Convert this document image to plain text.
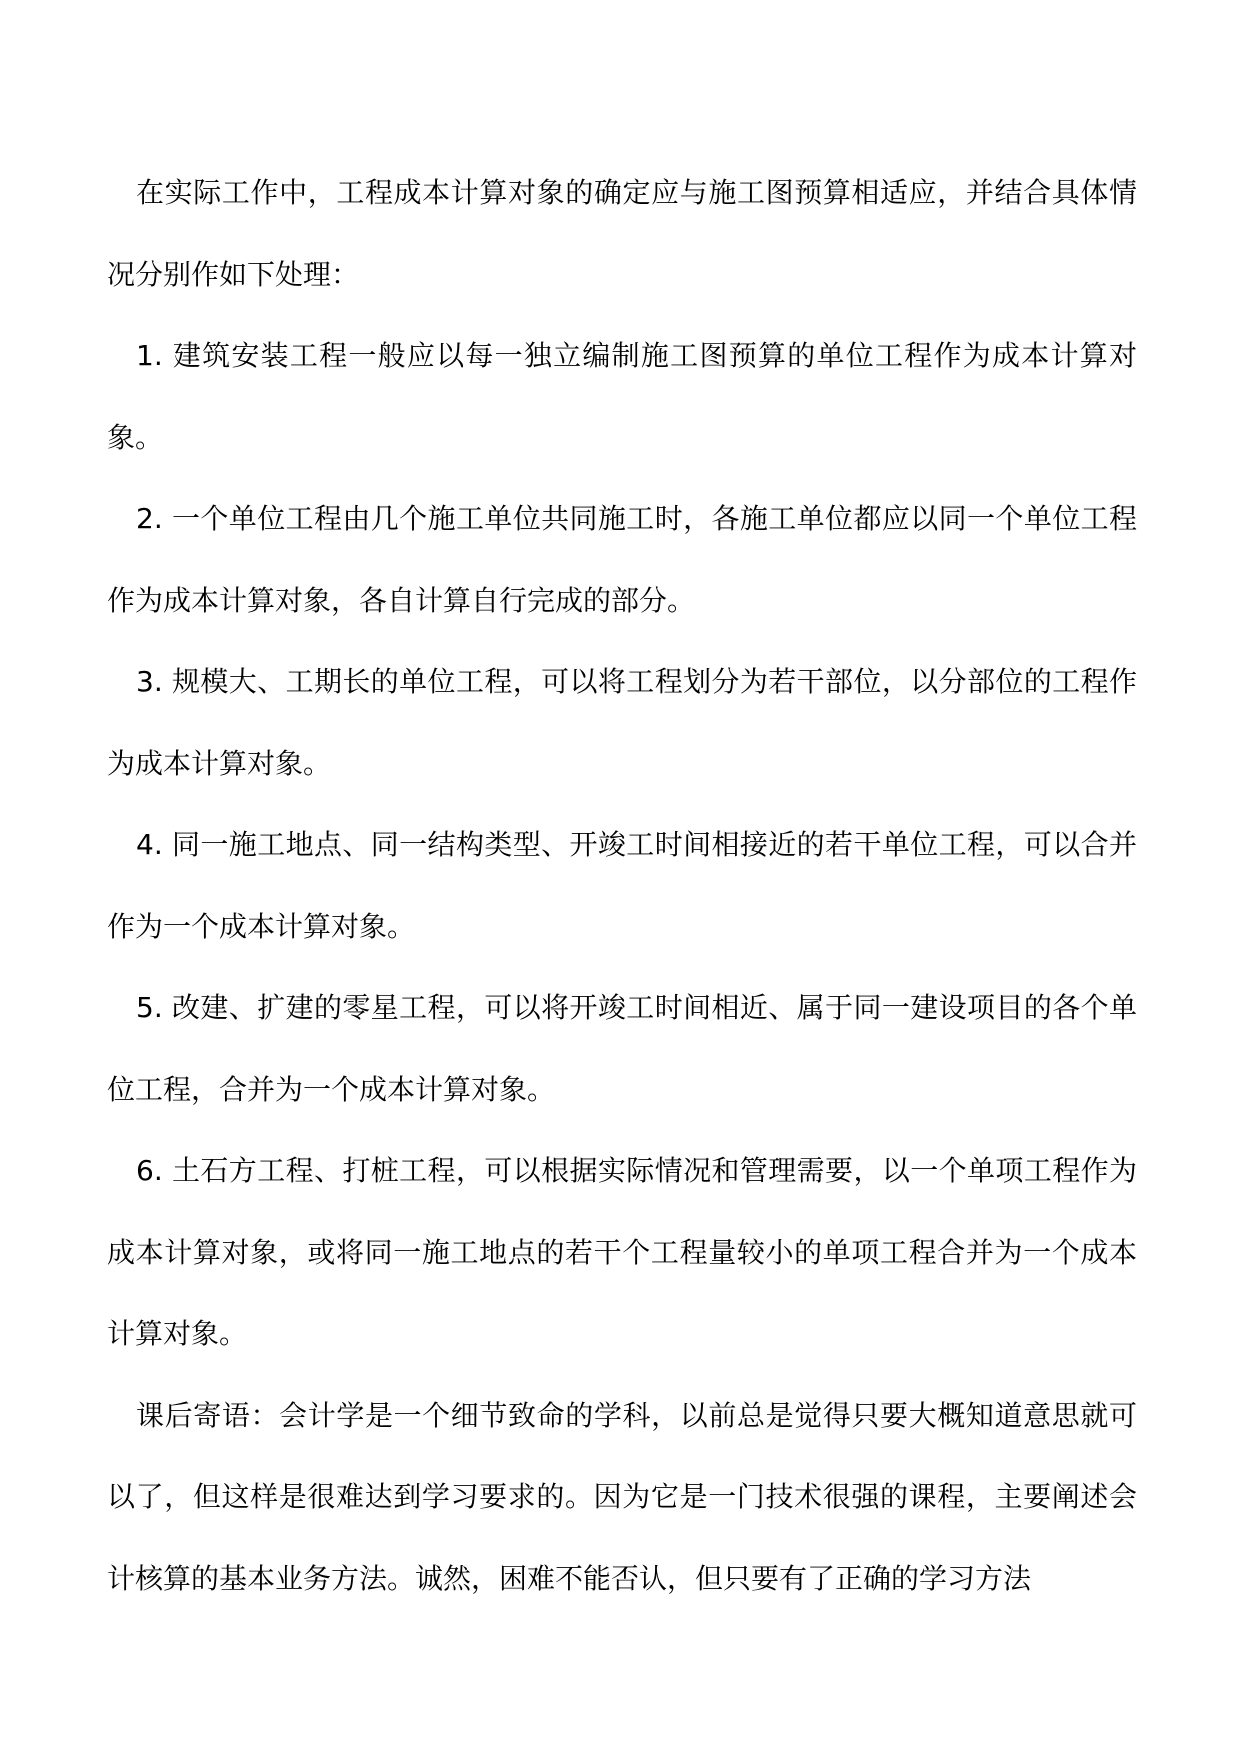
在实际工作中，工程成本计算对象的确定应与施工图预算相适应，并结合具体情况分别作如下处理：

1. 建筑安装工程一般应以每一独立编制施工图预算的单位工程作为成本计算对象。

2. 一个单位工程由几个施工单位共同施工时，各施工单位都应以同一个单位工程作为成本计算对象，各自计算自行完成的部分。

3. 规模大、工期长的单位工程，可以将工程划分为若干部位，以分部位的工程作为成本计算对象。

4. 同一施工地点、同一结构类型、开竣工时间相接近的若干单位工程，可以合并作为一个成本计算对象。

5. 改建、扩建的零星工程，可以将开竣工时间相近、属于同一建设项目的各个单位工程，合并为一个成本计算对象。

6. 土石方工程、打桩工程，可以根据实际情况和管理需要，以一个单项工程作为成本计算对象，或将同一施工地点的若干个工程量较小的单项工程合并为一个成本计算对象。

课后寄语：会计学是一个细节致命的学科，以前总是觉得只要大概知道意思就可以了，但这样是很难达到学习要求的。因为它是一门技术很强的课程，主要阐述会计核算的基本业务方法。诚然，困难不能否认，但只要有了正确的学习方法
